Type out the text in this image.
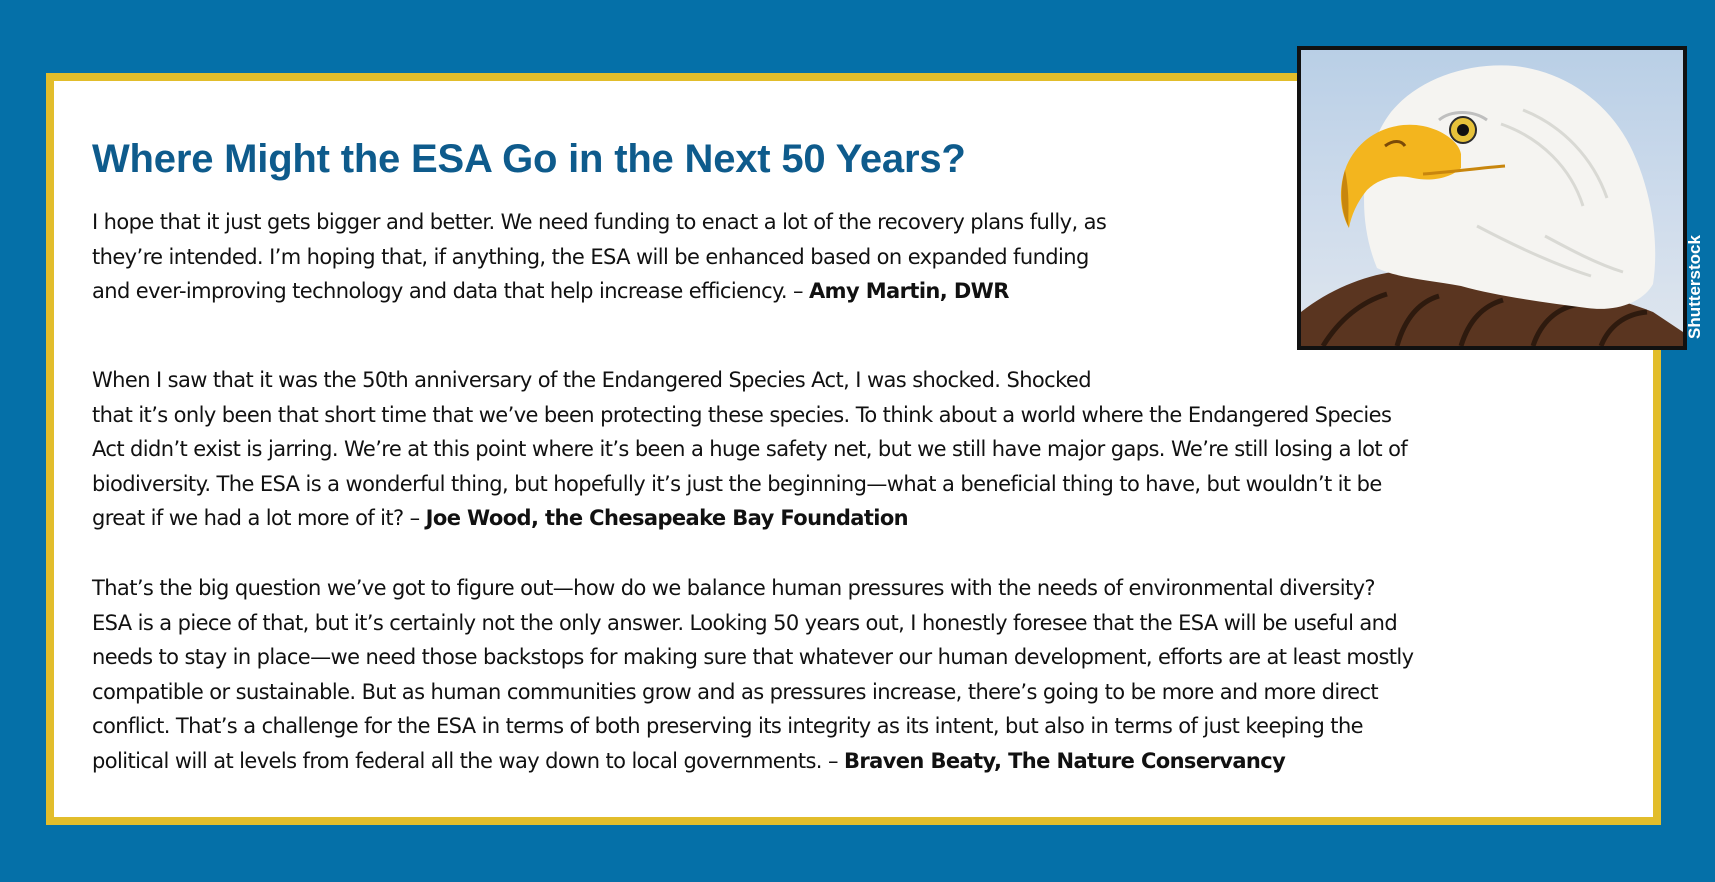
Where Might the ESA Go in the Next 50 Years?

I hope that it just gets bigger and better. We need funding to enact a lot of the recovery plans fully, as
they’re intended. I’m hoping that, if anything, the ESA will be enhanced based on expanded funding
and ever-improving technology and data that help increase efficiency. – Amy Martin, DWR

When I saw that it was the 50th anniversary of the Endangered Species Act, I was shocked. Shocked
that it’s only been that short time that we’ve been protecting these species. To think about a world where the Endangered Species
Act didn’t exist is jarring. We’re at this point where it’s been a huge safety net, but we still have major gaps. We’re still losing a lot of
biodiversity. The ESA is a wonderful thing, but hopefully it’s just the beginning—what a beneficial thing to have, but wouldn’t it be
great if we had a lot more of it? – Joe Wood, the Chesapeake Bay Foundation

That’s the big question we’ve got to figure out—how do we balance human pressures with the needs of environmental diversity?
ESA is a piece of that, but it’s certainly not the only answer. Looking 50 years out, I honestly foresee that the ESA will be useful and
needs to stay in place—we need those backstops for making sure that whatever our human development, efforts are at least mostly
compatible or sustainable. But as human communities grow and as pressures increase, there’s going to be more and more direct
conflict. That’s a challenge for the ESA in terms of both preserving its integrity as its intent, but also in terms of just keeping the
political will at levels from federal all the way down to local governments. – Braven Beaty, The Nature Conservancy

Shutterstock
